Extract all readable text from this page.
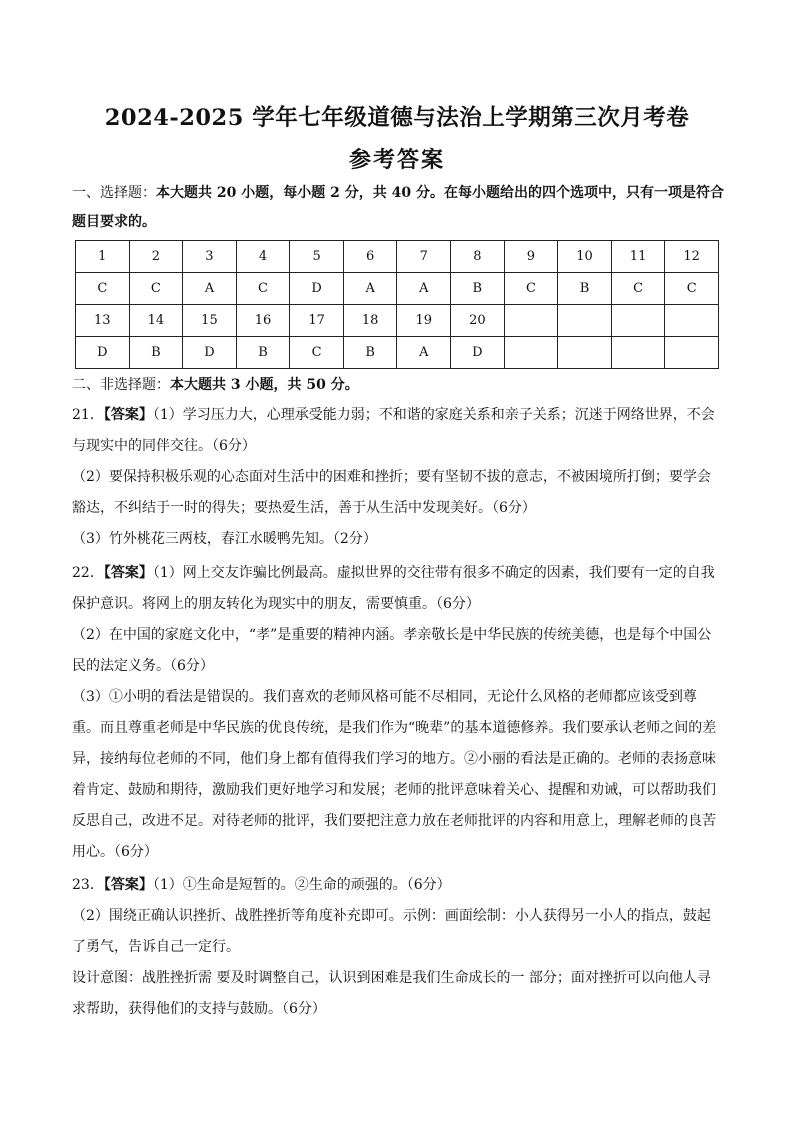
2024-2025 学年七年级道德与法治上学期第三次月考卷
参考答案
一、选择题：本大题共 20 小题，每小题 2 分，共 40 分。在每小题给出的四个选项中，只有一项是符合题目要求的。
1	2	3	4	5	6	7	8	9	10	11	12
C	C	A	C	D	A	A	B	C	B	C	C
13	14	15	16	17	18	19	20				
D	B	D	B	C	B	A	D				
二、非选择题：本大题共 3 小题，共 50 分。

21．【答案】（1）学习压力大，心理承受能力弱；不和谐的家庭关系和亲子关系；沉迷于网络世界，不会与现实中的同伴交往。（6分）

（2）要保持积极乐观的心态面对生活中的困难和挫折；要有坚韧不拔的意志，不被困境所打倒；要学会豁达，不纠结于一时的得失；要热爱生活，善于从生活中发现美好。（6分）

（3）竹外桃花三两枝，春江水暖鸭先知。（2分）

22．【答案】（1）网上交友诈骗比例最高。虚拟世界的交往带有很多不确定的因素，我们要有一定的自我保护意识。将网上的朋友转化为现实中的朋友，需要慎重。（6分）

（2）在中国的家庭文化中，“孝”是重要的精神内涵。孝亲敬长是中华民族的传统美德，也是每个中国公民的法定义务。（6分）

（3）①小明的看法是错误的。我们喜欢的老师风格可能不尽相同，无论什么风格的老师都应该受到尊重。而且尊重老师是中华民族的优良传统，是我们作为“晚辈”的基本道德修养。我们要承认老师之间的差异，接纳每位老师的不同，他们身上都有值得我们学习的地方。②小丽的看法是正确的。老师的表扬意味着肯定、鼓励和期待，激励我们更好地学习和发展；老师的批评意味着关心、提醒和劝诫，可以帮助我们反思自己，改进不足。对待老师的批评，我们要把注意力放在老师批评的内容和用意上，理解老师的良苦用心。（6分）

23．【答案】（1）①生命是短暂的。②生命的顽强的。（6分）

（2）围绕正确认识挫折、战胜挫折等角度补充即可。示例：画面绘制：小人获得另一小人的指点，鼓起了勇气，告诉自己一定行。

设计意图：战胜挫折需 要及时调整自己，认识到困难是我们生命成长的一 部分；面对挫折可以向他人寻求帮助，获得他们的支持与鼓励。（6分）
